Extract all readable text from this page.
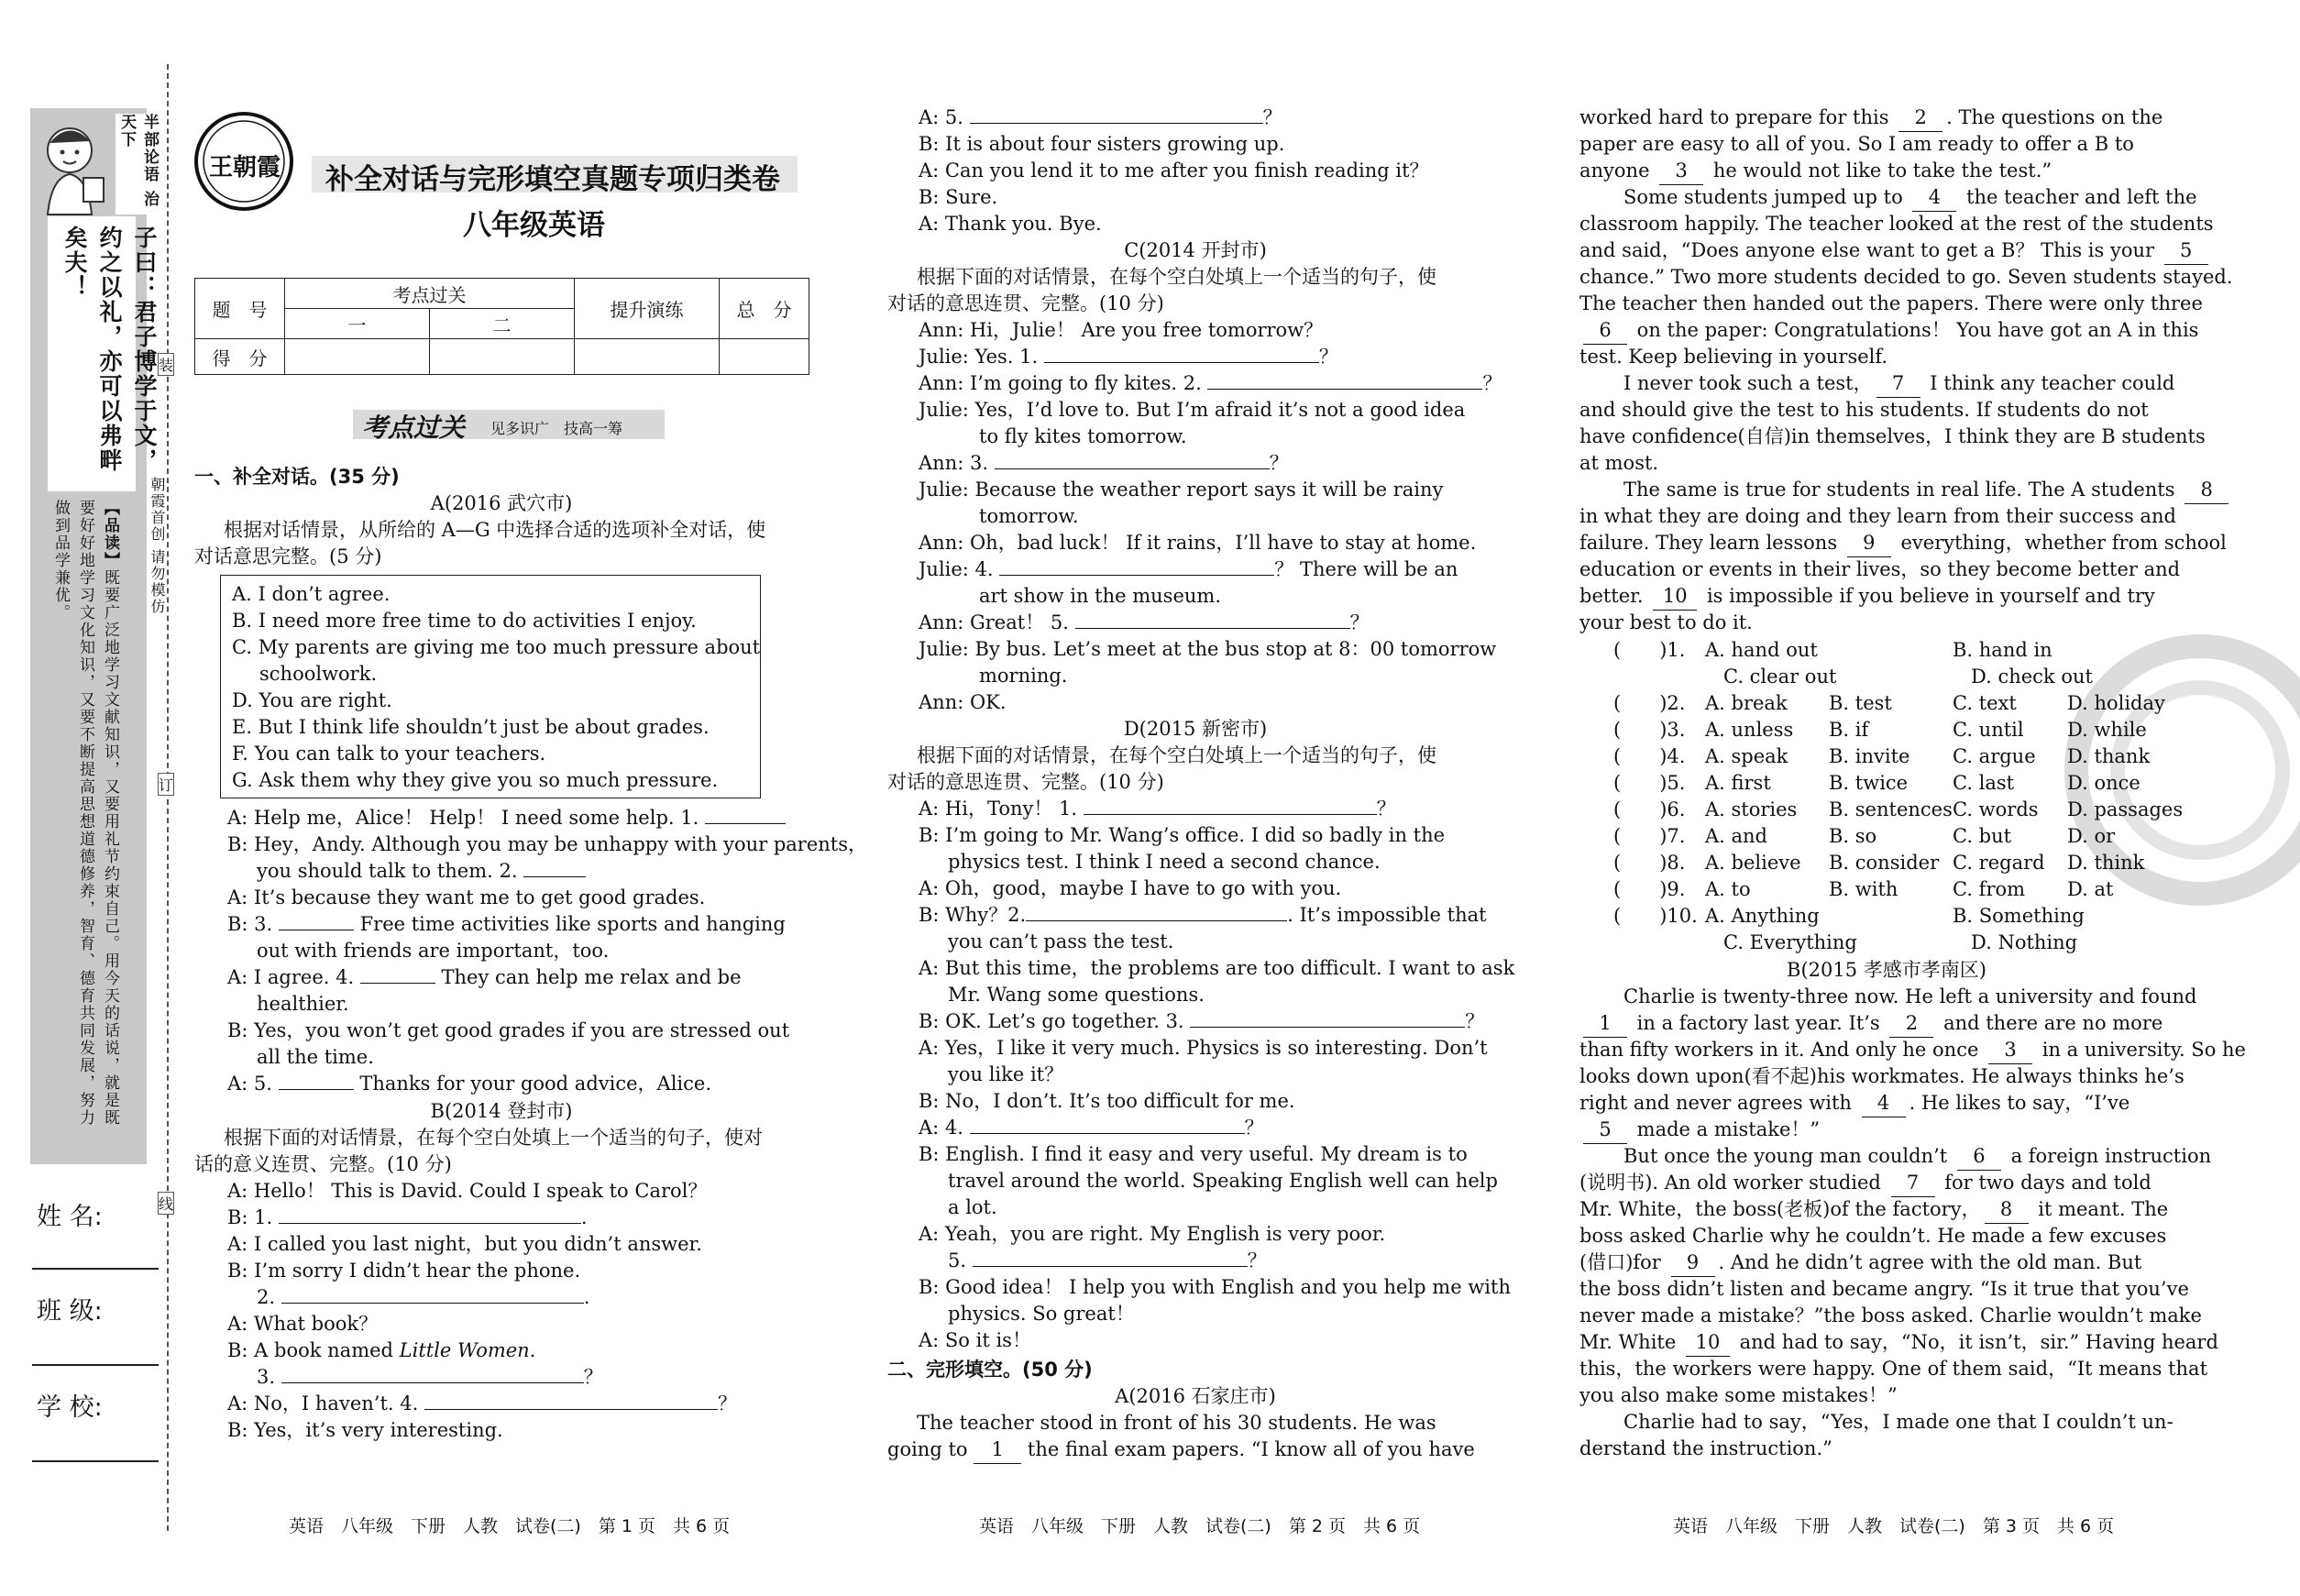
半部论语 治天下
子曰：君子博学于文，约之以礼，亦可以弗畔矣夫！
【品读】既要广泛地学习文献知识，又要用礼节约束自己。用今天的话说，就是既要好好地学习文化知识，又要不断提高思想道德修养，智育、德育共同发展，努力做到品学兼优。	朝霞首创 请勿模仿
装
订
线
姓 名:
班 级:
学 校:
王朝霞 补全对话与完形填空真题专项归类卷
八年级英语
题　号	考点过关		提升演练	总　分
	一	二		
得　分				
考点过关 见多识广　技高一筹
一、补全对话。(35 分)
A(2016 武穴市)
根据对话情景，从所给的 A—G 中选择合适的选项补全对话，使
对话意思完整。(5 分)
A. I don’t agree.
B. I need more free time to do activities I enjoy.
C. My parents are giving me too much pressure about
schoolwork.
D. You are right.
E. But I think life shouldn’t just be about grades.
F. You can talk to your teachers.
G. Ask them why they give you so much pressure.
A: Help me，Alice！ Help！ I need some help. 1.
B: Hey，Andy. Although you may be unhappy with your parents，
you should talk to them. 2.
A: It’s because they want me to get good grades.
B: 3.	Free time activities like sports and hanging
out with friends are important，too.
A: I agree. 4.	They can help me relax and be
healthier.
B: Yes，you won’t get good grades if you are stressed out
all the time.
A: 5.	Thanks for your good advice，Alice.
B(2014 登封市)
根据下面的对话情景，在每个空白处填上一个适当的句子，使对
话的意义连贯、完整。(10 分)
A: Hello！ This is David. Could I speak to Carol？
B: 1.	.
A: I called you last night，but you didn’t answer.
B: I’m sorry I didn’t hear the phone.
2.	.
A: What book？
B: A book named Little Women.
3.	？
A: No，I haven’t. 4.	？
B: Yes，it’s very interesting.
英语　八年级　下册　人教　试卷(二)　第 1 页　共 6 页
A: 5.	？
B: It is about four sisters growing up.
A: Can you lend it to me after you finish reading it？
B: Sure.
A: Thank you. Bye.
C(2014 开封市)
根据下面的对话情景，在每个空白处填上一个适当的句子，使
对话的意思连贯、完整。(10 分)
Ann: Hi，Julie！ Are you free tomorrow？
Julie: Yes. 1.	？
Ann: I’m going to fly kites. 2.	？
Julie: Yes，I’d love to. But I’m afraid it’s not a good idea
to fly kites tomorrow.
Ann: 3.	？
Julie: Because the weather report says it will be rainy
tomorrow.
Ann: Oh，bad luck！ If it rains，I’ll have to stay at home.
Julie: 4.	？ There will be an
art show in the museum.
Ann: Great！ 5.	？
Julie: By bus. Let’s meet at the bus stop at 8：00 tomorrow
morning.
Ann: OK.
D(2015 新密市)
根据下面的对话情景，在每个空白处填上一个适当的句子，使
对话的意思连贯、完整。(10 分)
A: Hi，Tony！ 1.	？
B: I’m going to Mr. Wang’s office. I did so badly in the
physics test. I think I need a second chance.
A: Oh，good，maybe I have to go with you.
B: Why？2.	. It’s impossible that
you can’t pass the test.
A: But this time，the problems are too difficult. I want to ask
Mr. Wang some questions.
B: OK. Let’s go together. 3.	？
A: Yes，I like it very much. Physics is so interesting. Don’t
you like it？
B: No，I don’t. It’s too difficult for me.
A: 4.	？
B: English. I find it easy and very useful. My dream is to
travel around the world. Speaking English well can help
a lot.
A: Yeah，you are right. My English is very poor.
5.	？
B: Good idea！ I help you with English and you help me with
physics. So great！
A: So it is！
二、完形填空。(50 分)
A(2016 石家庄市)
The teacher stood in front of his 30 students. He was
going to 1 the final exam papers. “I know all of you have
英语　八年级　下册　人教　试卷(二)　第 2 页　共 6 页
worked hard to prepare for this 2 . The questions on the
paper are easy to all of you. So I am ready to offer a B to
anyone 3 he would not like to take the test.”
Some students jumped up to 4 the teacher and left the
classroom happily. The teacher looked at the rest of the students
and said，“Does anyone else want to get a B？ This is your 5
chance.” Two more students decided to go. Seven students stayed.
The teacher then handed out the papers. There were only three
6 on the paper: Congratulations！ You have got an A in this
test. Keep believing in yourself.
I never took such a test， 7 I think any teacher could
and should give the test to his students. If students do not
have confidence(自信)in themselves，I think they are B students
at most.
The same is true for students in real life. The A students 8
in what they are doing and they learn from their success and
failure. They learn lessons 9 everything，whether from school
education or events in their lives，so they become better and
better. 10 is impossible if you believe in yourself and try
your best to do it.
(　　)1. A. hand out	B. hand in
C. clear out	D. check out
(　　)2. A. break B. test	C. text	D. holiday
(　　)3. A. unless B. if	C. until D. while
(　　)4. A. speak B. invite C. argue D. thank
(　　)5. A. first	B. twice C. last	D. once
(　　)6. A. stories B. sentencesC. words D. passages
(　　)7. A. and	B. so	C. but	D. or
(　　)8. A. believe B. consider C. regard D. think
(　　)9. A. to	B. with	C. from D. at
(　　)10. A. Anything	B. Something
C. Everything	D. Nothing
B(2015 孝感市孝南区)
Charlie is twenty-three now. He left a university and found
1 in a factory last year. It’s 2 and there are no more
than fifty workers in it. And only he once 3 in a university. So he
looks down upon(看不起)his workmates. He always thinks he’s
right and never agrees with 4 . He likes to say，“I’ve
5 made a mistake！”
But once the young man couldn’t 6 a foreign instruction
(说明书). An old worker studied 7 for two days and told
Mr. White，the boss(老板)of the factory， 8 it meant. The
boss asked Charlie why he couldn’t. He made a few excuses
(借口)for 9 . And he didn’t agree with the old man. But
the boss didn’t listen and became angry. “Is it true that you’ve
never made a mistake？”the boss asked. Charlie wouldn’t make
Mr. White 10 and had to say，“No，it isn’t，sir.” Having heard
this，the workers were happy. One of them said，“It means that
you also make some mistakes！”
Charlie had to say，“Yes，I made one that I couldn’t un-
derstand the instruction.”
英语　八年级　下册　人教　试卷(二)　第 3 页　共 6 页
